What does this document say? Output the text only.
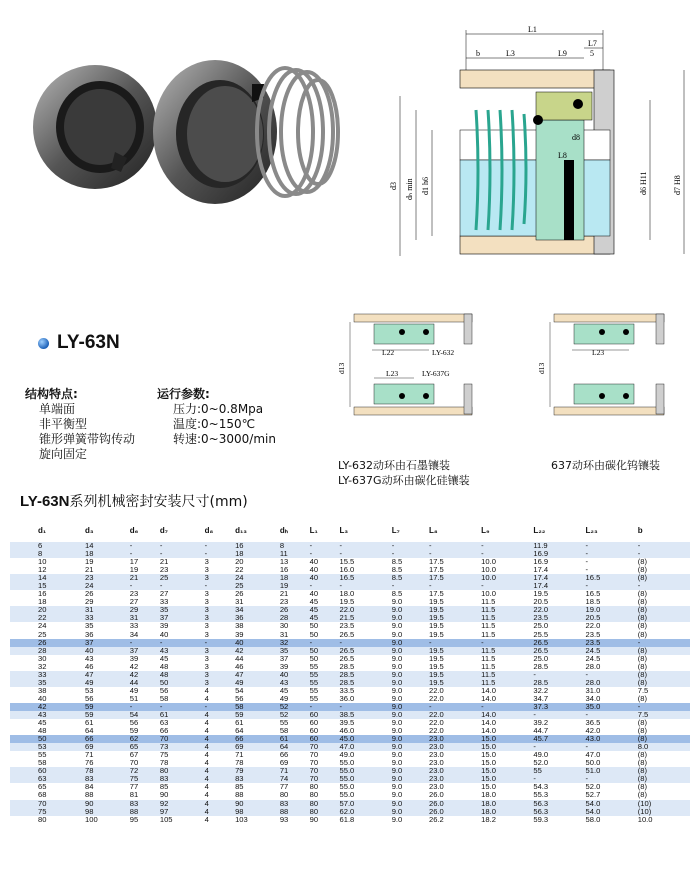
L1
L7
b	L3	L9	5
d8
L8
d3 dₕ min d1 h6	d6 H11	d7 H8
LY-63N
结构特点:
单端面
非平衡型
锥形弹簧带钩传动
旋向固定
运行参数:
压力:0~0.8Mpa
温度:0~150℃
转速:0~3000/min
d13
L22	LY-632
L23	LY-637G	d13
L23
LY-632动环由石墨镶装
LY-637G动环由碳化硅镶装
637动环由碳化钨镶装
LY-63N系列机械密封安装尺寸(mm)
d₁	d₃	d₆	d₇	d₈	d₁₃	dₕ	L₁	L₃	L₇	L₈	L₉	L₂₂	L₂₃	b
6	14	-	-	-	16	8	-	-	-	-	-	11.9	-	-
8	18	-	-	-	18	11	-	-	-	-	-	16.9	-	-
10	19	17	21	3	20	13	40	15.5	8.5	17.5	10.0	16.9	-	(8)
12	21	19	23	3	22	16	40	16.0	8.5	17.5	10.0	17.4	-	(8)
14	23	21	25	3	24	18	40	16.5	8.5	17.5	10.0	17.4	16.5	(8)
15	24	-	-	-	25	19	-	-	-	-	-	17.4	-	-
16	26	23	27	3	26	21	40	18.0	8.5	17.5	10.0	19.5	16.5	(8)
18	29	27	33	3	31	23	45	19.5	9.0	19.5	11.5	20.5	18.5	(8)
20	31	29	35	3	34	26	45	22.0	9.0	19.5	11.5	22.0	19.0	(8)
22	33	31	37	3	36	28	45	21.5	9.0	19.5	11.5	23.5	20.5	(8)
24	35	33	39	3	38	30	50	23.5	9.0	19.5	11.5	25.0	22.0	(8)
25	36	34	40	3	39	31	50	26.5	9.0	19.5	11.5	25.5	23.5	(8)
26	37	-	-	-	40	32	-	-	9.0	-	-	26.5	23.5	-
28	40	37	43	3	42	35	50	26.5	9.0	19.5	11.5	26.5	24.5	(8)
30	43	39	45	3	44	37	50	26.5	9.0	19.5	11.5	25.0	24.5	(8)
32	46	42	48	3	46	39	55	28.5	9.0	19.5	11.5	28.5	28.0	(8)
33	47	42	48	3	47	40	55	28.5	9.0	19.5	11.5	-	-	(8)
35	49	44	50	3	49	43	55	28.5	9.0	19.5	11.5	28.5	28.0	(8)
38	53	49	56	4	54	45	55	33.5	9.0	22.0	14.0	32.2	31.0	7.5
40	56	51	58	4	56	49	55	36.0	9.0	22.0	14.0	34.7	34.0	(8)
42	59	-	-	-	58	52	-	-	9.0	-	-	37.3	35.0	-
43	59	54	61	4	59	52	60	38.5	9.0	22.0	14.0	-	-	7.5
45	61	56	63	4	61	55	60	39.5	9.0	22.0	14.0	39.2	36.5	(8)
48	64	59	66	4	64	58	60	46.0	9.0	22.0	14.0	44.7	42.0	(8)
50	66	62	70	4	66	61	60	45.0	9.0	23.0	15.0	45.7	43.0	(8)
53	69	65	73	4	69	64	70	47.0	9.0	23.0	15.0	-	-	8.0
55	71	67	75	4	71	66	70	49.0	9.0	23.0	15.0	49.0	47.0	(8)
58	76	70	78	4	78	69	70	55.0	9.0	23.0	15.0	52.0	50.0	(8)
60	78	72	80	4	79	71	70	55.0	9.0	23.0	15.0	55	51.0	(8)
63	83	75	83	4	83	74	70	55.0	9.0	23.0	15.0	-	-	(8)
65	84	77	85	4	85	77	80	55.0	9.0	23.0	15.0	54.3	52.0	(8)
68	88	81	90	4	88	80	80	55.0	9.0	26.0	18.0	55.3	52.7	(8)
70	90	83	92	4	90	83	80	57.0	9.0	26.0	18.0	56.3	54.0	(10)
75	98	88	97	4	98	88	80	62.0	9.0	26.0	18.0	56.3	54.0	(10)
80	100	95	105	4	103	93	90	61.8	9.0	26.2	18.2	59.3	58.0	10.0
